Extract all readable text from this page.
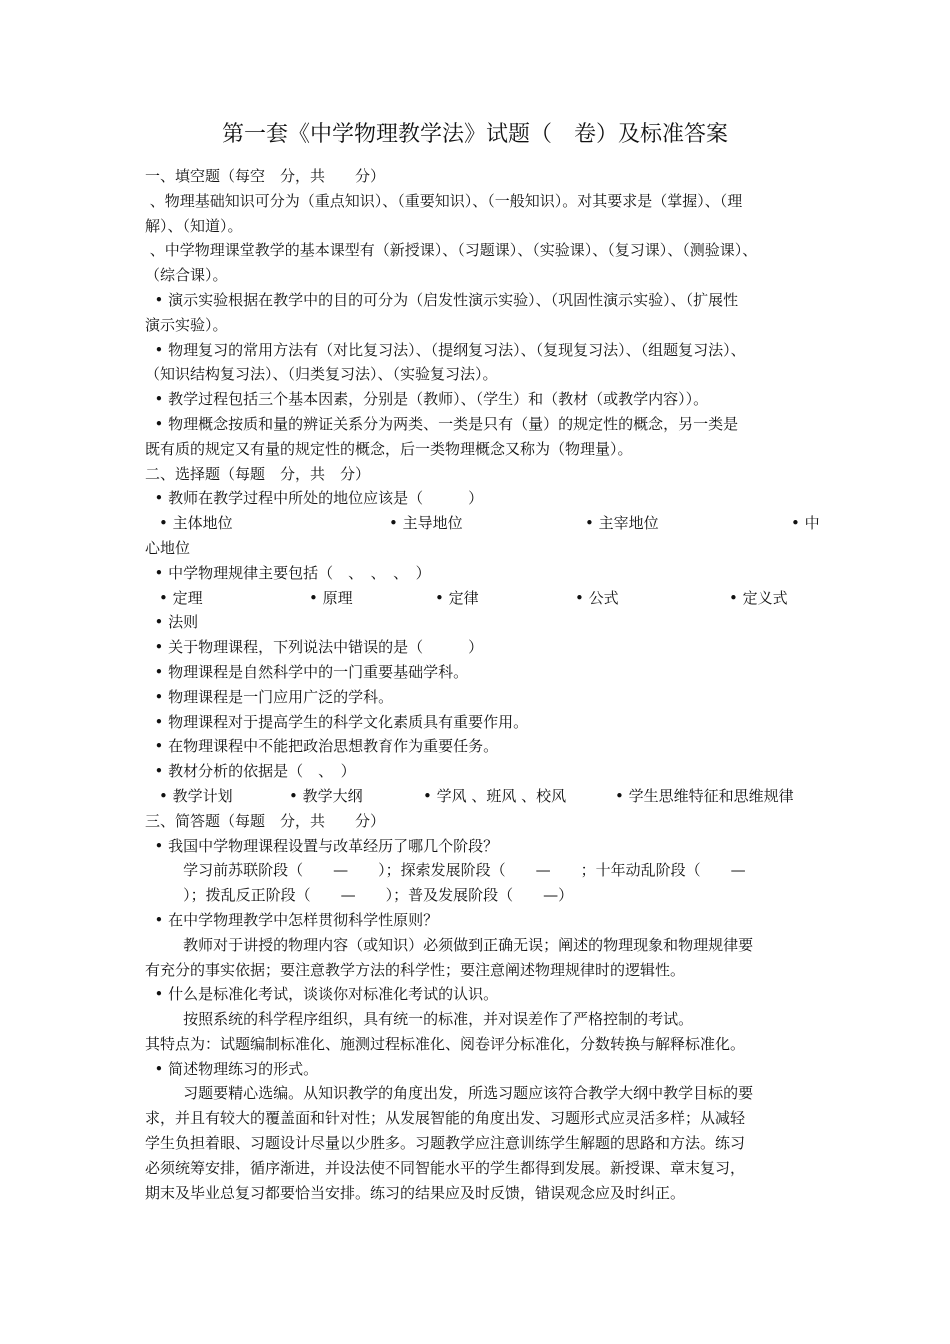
第一套《中学物理教学法》试题（　卷）及标准答案

一、填空题（每空　分，共　　分）

、物理基础知识可分为（重点知识）、（重要知识）、（一般知识）。对其要求是（掌握）、（理

解）、（知道）。

、中学物理课堂教学的基本课型有（新授课）、（习题课）、（实验课）、（复习课）、（测验课）、

（综合课）。

• 演示实验根据在教学中的目的可分为（启发性演示实验）、（巩固性演示实验）、（扩展性

演示实验）。

• 物理复习的常用方法有（对比复习法）、（提纲复习法）、（复现复习法）、（组题复习法）、

（知识结构复习法）、（归类复习法）、（实验复习法）。

• 教学过程包括三个基本因素，分别是（教师）、（学生）和（教材（或教学内容））。

• 物理概念按质和量的辨证关系分为两类、一类是只有（量）的规定性的概念，另一类是

既有质的规定又有量的规定性的概念，后一类物理概念又称为（物理量）。

二、选择题（每题　分，共　分）

• 教师在教学过程中所处的地位应该是（　　　）

• 主体地位	• 主导地位	• 主宰地位	• 中

心地位

• 中学物理规律主要包括（　、　、　、　）

• 定理	• 原理	• 定律	• 公式	• 定义式

• 法则

• 关于物理课程，下列说法中错误的是（　　　）

• 物理课程是自然科学中的一门重要基础学科。

• 物理课程是一门应用广泛的学科。

• 物理课程对于提高学生的科学文化素质具有重要作用。

• 在物理课程中不能把政治思想教育作为重要任务。

• 教材分析的依据是（　、　）

• 教学计划	• 教学大纲	• 学风 、班风 、校风	• 学生思维特征和思维规律

三、简答题（每题　分，共　　分）

• 我国中学物理课程设置与改革经历了哪几个阶段？

学习前苏联阶段（　　—　　）；探索发展阶段（　　—　　；十年动乱阶段（　　—

）；拨乱反正阶段（　　—　　）；普及发展阶段（　　—）

• 在中学物理教学中怎样贯彻科学性原则？

教师对于讲授的物理内容（或知识）必须做到正确无误；阐述的物理现象和物理规律要

有充分的事实依据；要注意教学方法的科学性；要注意阐述物理规律时的逻辑性。

• 什么是标准化考试，谈谈你对标准化考试的认识。

按照系统的科学程序组织，具有统一的标准，并对误差作了严格控制的考试。

其特点为：试题编制标准化、施测过程标准化、阅卷评分标准化，分数转换与解释标准化。

• 简述物理练习的形式。

习题要精心选编。从知识教学的角度出发，所选习题应该符合教学大纲中教学目标的要

求，并且有较大的覆盖面和针对性；从发展智能的角度出发、习题形式应灵活多样；从减轻

学生负担着眼、习题设计尽量以少胜多。习题教学应注意训练学生解题的思路和方法。练习

必须统筹安排，循序渐进，并设法使不同智能水平的学生都得到发展。新授课、章末复习，

期末及毕业总复习都要恰当安排。练习的结果应及时反馈，错误观念应及时纠正。
